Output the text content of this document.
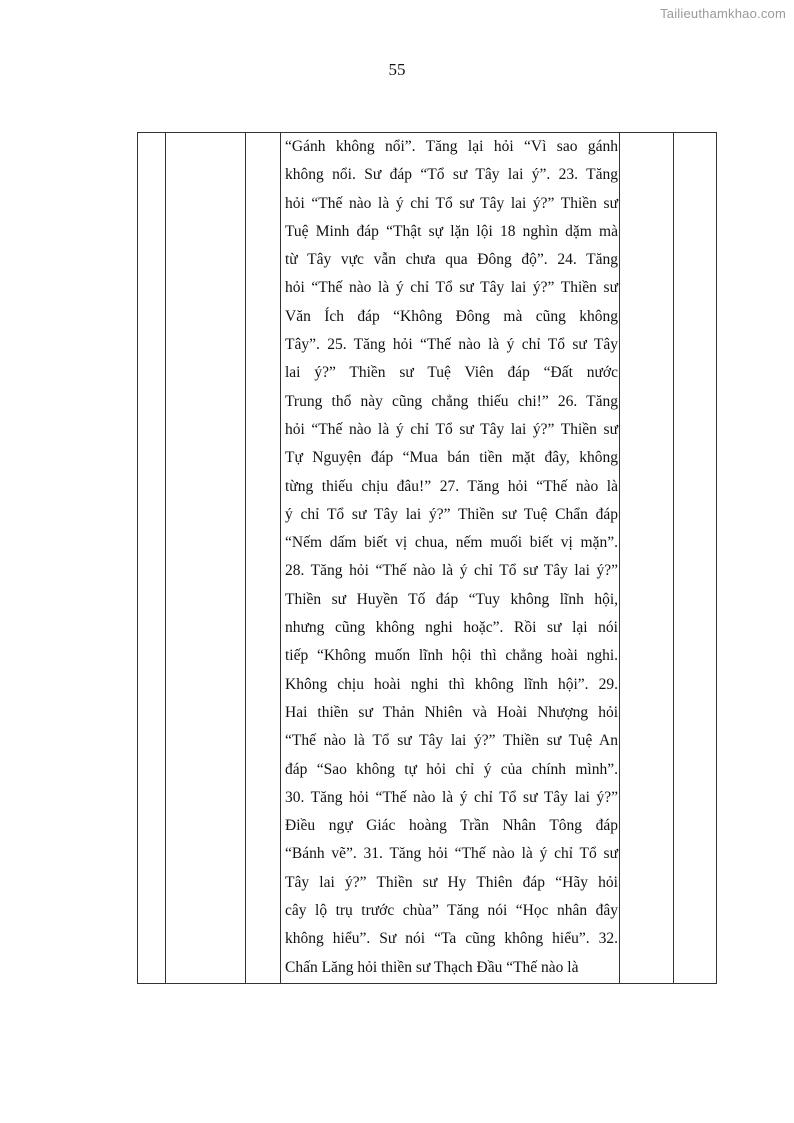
Tailieuthamkhao.com
55

“Gánh không nổi”. Tăng lại hỏi “Vì sao gánh
không nổi. Sư đáp “Tổ sư Tây lai ý”. 23. Tăng
hỏi “Thế nào là ý chỉ Tổ sư Tây lai ý?” Thiền sư
Tuệ Minh đáp “Thật sự lặn lội 18 nghìn dặm mà
từ Tây vực vẫn chưa qua Đông độ”. 24. Tăng
hỏi “Thế nào là ý chỉ Tổ sư Tây lai ý?” Thiền sư
Văn Ích đáp “Không Đông mà cũng không
Tây”. 25. Tăng hỏi “Thế nào là ý chỉ Tổ sư Tây
lai ý?” Thiền sư Tuệ Viên đáp “Đất nước
Trung thổ này cũng chẳng thiếu chi!” 26. Tăng
hỏi “Thế nào là ý chỉ Tổ sư Tây lai ý?” Thiền sư
Tự Nguyện đáp “Mua bán tiền mặt đây, không
từng thiếu chịu đâu!” 27. Tăng hỏi “Thế nào là
ý chỉ Tổ sư Tây lai ý?” Thiền sư Tuệ Chẩn đáp
“Nếm dấm biết vị chua, nếm muối biết vị mặn”.
28. Tăng hỏi “Thế nào là ý chỉ Tổ sư Tây lai ý?”
Thiền sư Huyền Tố đáp “Tuy không lĩnh hội,
nhưng cũng không nghi hoặc”. Rồi sư lại nói
tiếp “Không muốn lĩnh hội thì chẳng hoài nghi.
Không chịu hoài nghi thì không lĩnh hội”. 29.
Hai thiền sư Thản Nhiên và Hoài Nhượng hỏi
“Thế nào là Tổ sư Tây lai ý?” Thiền sư Tuệ An
đáp “Sao không tự hỏi chỉ ý của chính mình”.
30. Tăng hỏi “Thế nào là ý chỉ Tổ sư Tây lai ý?”
Điều ngự Giác hoàng Trần Nhân Tông đáp
“Bánh vẽ”. 31. Tăng hỏi “Thế nào là ý chỉ Tổ sư
Tây lai ý?” Thiền sư Hy Thiên đáp “Hãy hỏi
cây lộ trụ trước chùa” Tăng nói “Học nhân đây
không hiểu”. Sư nói “Ta cũng không hiểu”. 32.
Chấn Lăng hỏi thiền sư Thạch Đầu “Thế nào là
